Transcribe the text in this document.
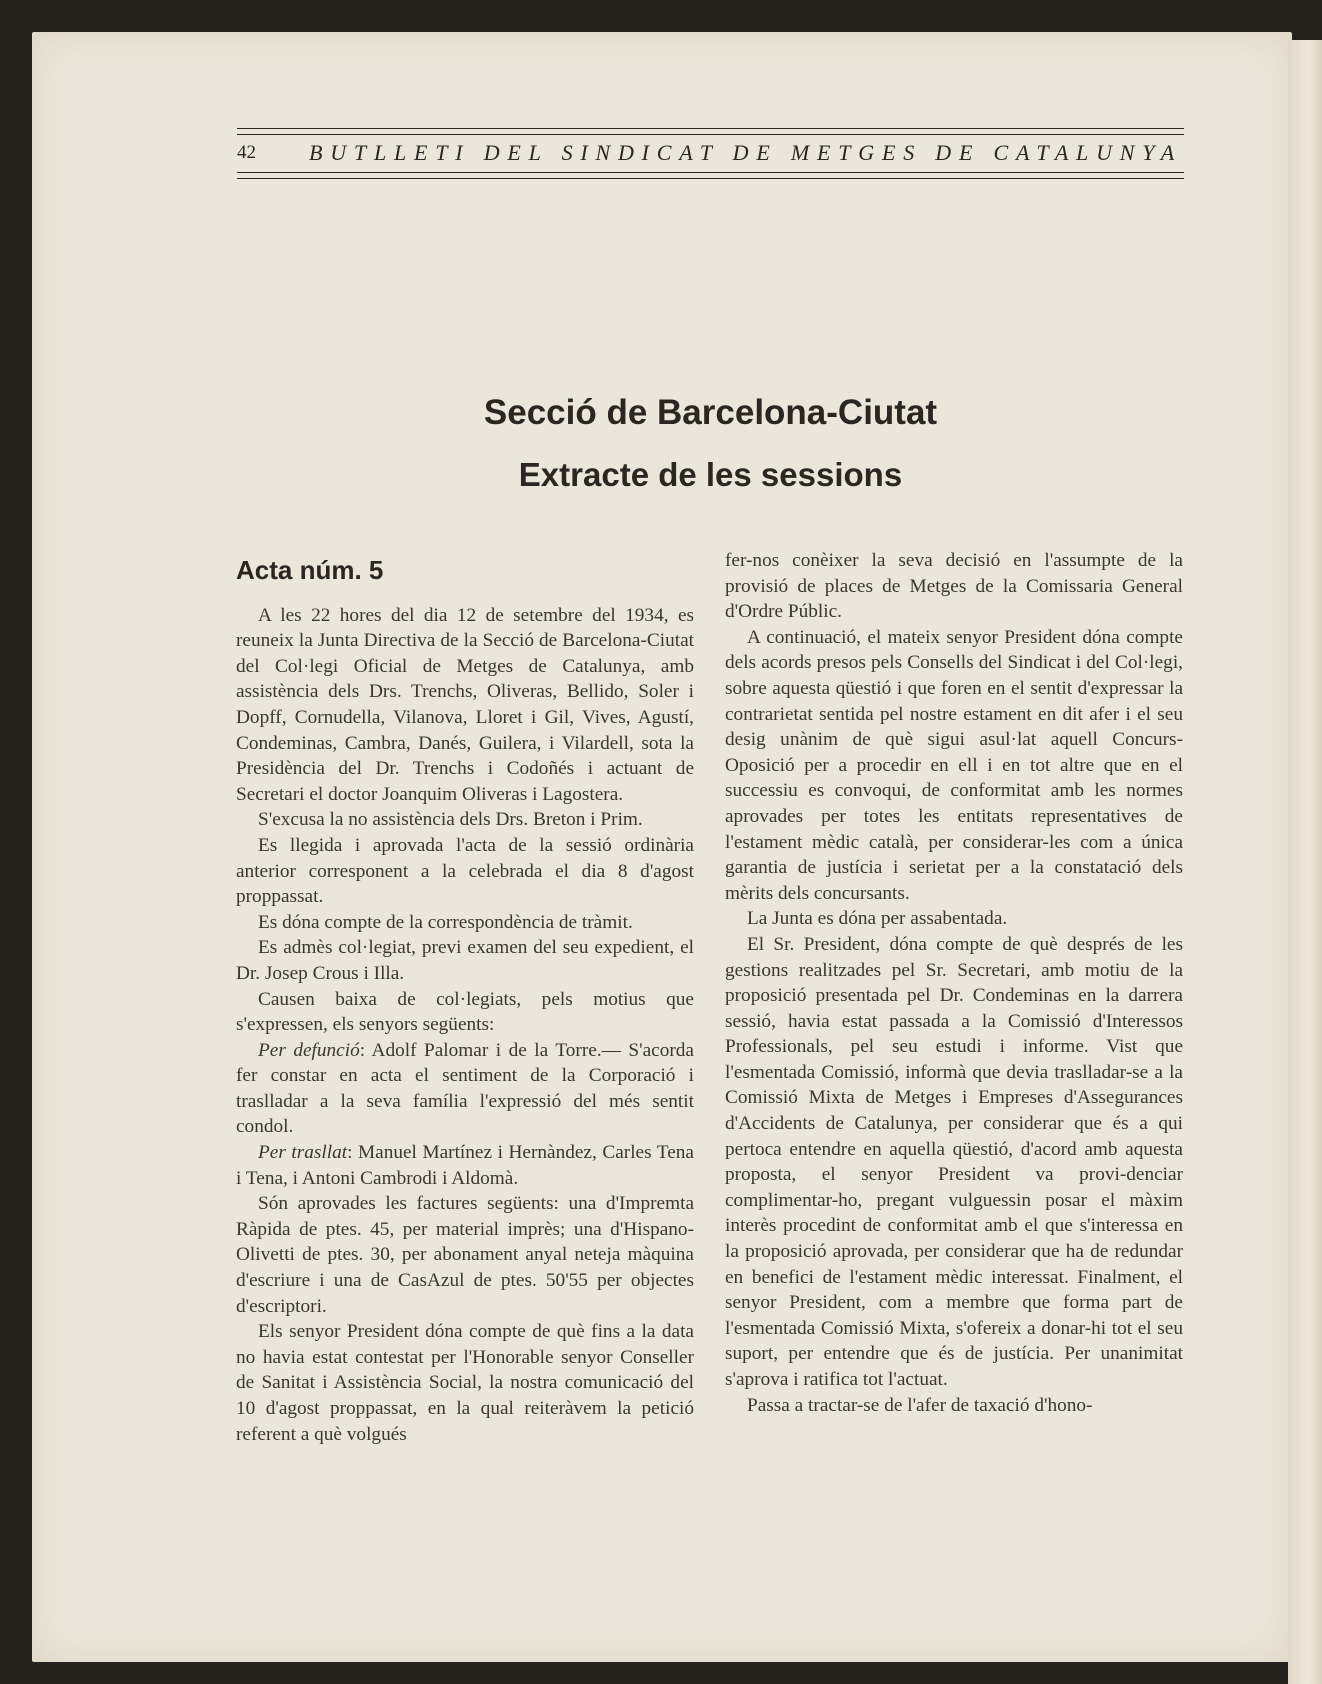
42 BUTLLETI DEL SINDICAT DE METGES DE CATALUNYA
Secció de Barcelona-Ciutat
Extracte de les sessions
Acta núm. 5

A les 22 hores del dia 12 de setembre del 1934, es reuneix la Junta Directiva de la Secció de Barcelona-Ciutat del Col·legi Oficial de Metges de Catalunya, amb assistència dels Drs. Trenchs, Oliveras, Bellido, Soler i Dopff, Cornudella, Vilanova, Lloret i Gil, Vives, Agustí, Condeminas, Cambra, Danés, Guilera, i Vilardell, sota la Presidència del Dr. Trenchs i Codoñés i actuant de Secretari el doctor Joanquim Oliveras i Lagostera.

S'excusa la no assistència dels Drs. Breton i Prim.

Es llegida i aprovada l'acta de la sessió ordinària anterior corresponent a la celebrada el dia 8 d'agost proppassat.

Es dóna compte de la correspondència de tràmit.

Es admès col·legiat, previ examen del seu expedient, el Dr. Josep Crous i Illa.

Causen baixa de col·legiats, pels motius que s'expressen, els senyors següents:

Per defunció: Adolf Palomar i de la Torre.— S'acorda fer constar en acta el sentiment de la Corporació i traslladar a la seva família l'expressió del més sentit condol.

Per trasllat: Manuel Martínez i Hernàndez, Carles Tena i Tena, i Antoni Cambrodi i Aldomà.

Són aprovades les factures següents: una d'Impremta Ràpida de ptes. 45, per material imprès; una d'Hispano-Olivetti de ptes. 30, per abonament anyal neteja màquina d'escriure i una de CasAzul de ptes. 50'55 per objectes d'escriptori.

Els senyor President dóna compte de què fins a la data no havia estat contestat per l'Honorable senyor Conseller de Sanitat i Assistència Social, la nostra comunicació del 10 d'agost proppassat, en la qual reiteràvem la petició referent a què volgués

fer-nos conèixer la seva decisió en l'assumpte de la provisió de places de Metges de la Comissaria General d'Ordre Públic.

A continuació, el mateix senyor President dóna compte dels acords presos pels Consells del Sindicat i del Col·legi, sobre aquesta qüestió i que foren en el sentit d'expressar la contrarietat sentida pel nostre estament en dit afer i el seu desig unànim de què sigui asul·lat aquell Concurs-Oposició per a procedir en ell i en tot altre que en el successiu es convoqui, de conformitat amb les normes aprovades per totes les entitats representatives de l'estament mèdic català, per considerar-les com a única garantia de justícia i serietat per a la constatació dels mèrits dels concursants.

La Junta es dóna per assabentada.

El Sr. President, dóna compte de què després de les gestions realitzades pel Sr. Secretari, amb motiu de la proposició presentada pel Dr. Condeminas en la darrera sessió, havia estat passada a la Comissió d'Interessos Professionals, pel seu estudi i informe. Vist que l'esmentada Comissió, informà que devia traslladar-se a la Comissió Mixta de Metges i Empreses d'Assegurances d'Accidents de Catalunya, per considerar que és a qui pertoca entendre en aquella qüestió, d'acord amb aquesta proposta, el senyor President va provi-denciar complimentar-ho, pregant vulguessin posar el màxim interès procedint de conformitat amb el que s'interessa en la proposició aprovada, per considerar que ha de redundar en benefici de l'estament mèdic interessat. Finalment, el senyor President, com a membre que forma part de l'esmentada Comissió Mixta, s'ofereix a donar-hi tot el seu suport, per entendre que és de justícia. Per unanimitat s'aprova i ratifica tot l'actuat.

Passa a tractar-se de l'afer de taxació d'hono-
